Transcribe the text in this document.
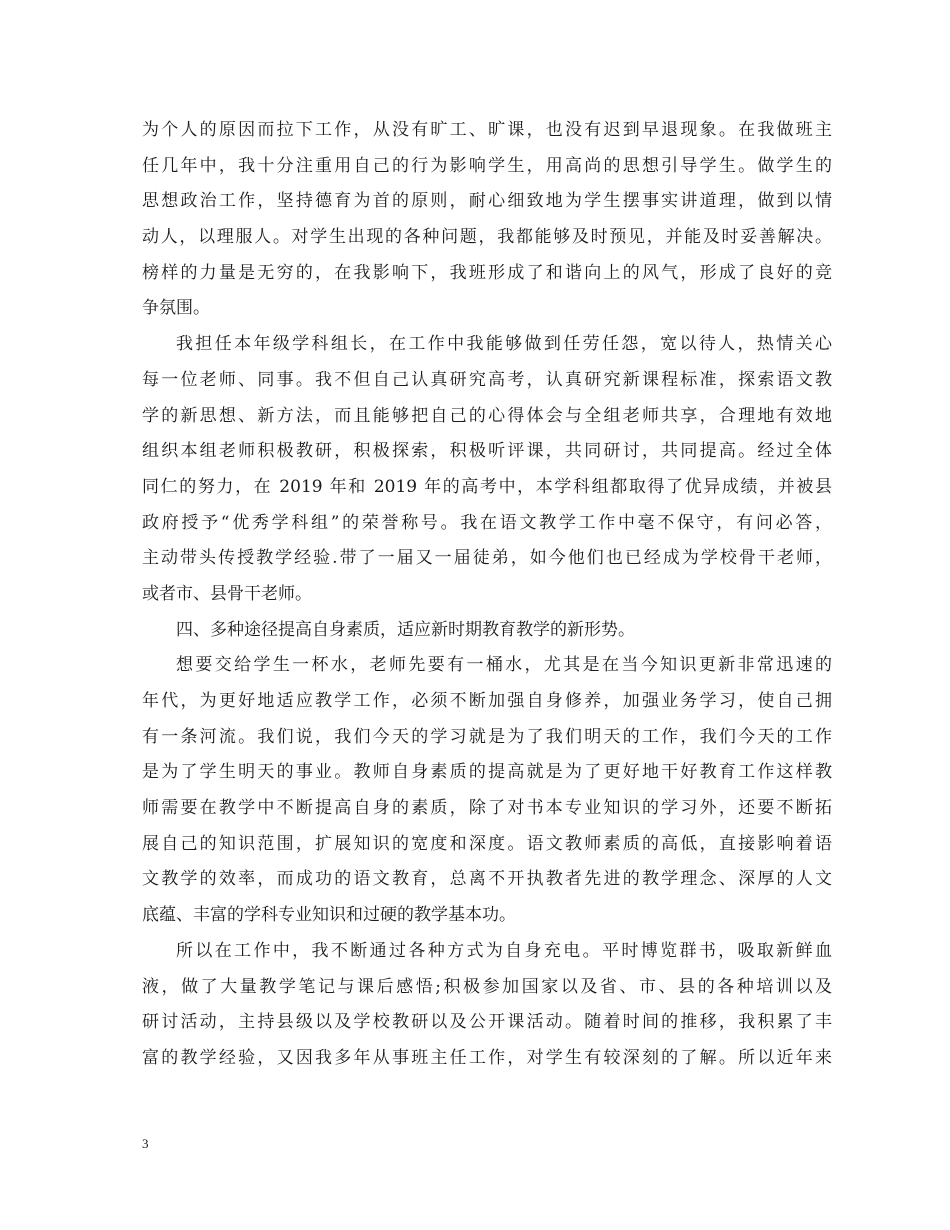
为个人的原因而拉下工作，从没有旷工、旷课，也没有迟到早退现象。在我做班主
任几年中，我十分注重用自己的行为影响学生，用高尚的思想引导学生。做学生的
思想政治工作，坚持德育为首的原则，耐心细致地为学生摆事实讲道理，做到以情
动人，以理服人。对学生出现的各种问题，我都能够及时预见，并能及时妥善解决。
榜样的力量是无穷的，在我影响下，我班形成了和谐向上的风气，形成了良好的竞
争氛围。
我担任本年级学科组长，在工作中我能够做到任劳任怨，宽以待人，热情关心
每一位老师、同事。我不但自己认真研究高考，认真研究新课程标准，探索语文教
学的新思想、新方法，而且能够把自己的心得体会与全组老师共享，合理地有效地
组织本组老师积极教研，积极探索，积极听评课，共同研讨，共同提高。经过全体
同仁的努力，在 2019 年和 2019 年的高考中，本学科组都取得了优异成绩，并被县
政府授予“优秀学科组”的荣誉称号。我在语文教学工作中毫不保守，有问必答，
主动带头传授教学经验.带了一届又一届徒弟，如今他们也已经成为学校骨干老师，
或者市、县骨干老师。
四、多种途径提高自身素质，适应新时期教育教学的新形势。
想要交给学生一杯水，老师先要有一桶水，尤其是在当今知识更新非常迅速的
年代，为更好地适应教学工作，必须不断加强自身修养，加强业务学习，使自己拥
有一条河流。我们说，我们今天的学习就是为了我们明天的工作，我们今天的工作
是为了学生明天的事业。教师自身素质的提高就是为了更好地干好教育工作这样教
师需要在教学中不断提高自身的素质，除了对书本专业知识的学习外，还要不断拓
展自己的知识范围，扩展知识的宽度和深度。语文教师素质的高低，直接影响着语
文教学的效率，而成功的语文教育，总离不开执教者先进的教学理念、深厚的人文
底蕴、丰富的学科专业知识和过硬的教学基本功。
所以在工作中，我不断通过各种方式为自身充电。平时博览群书，吸取新鲜血
液，做了大量教学笔记与课后感悟;积极参加国家以及省、市、县的各种培训以及
研讨活动，主持县级以及学校教研以及公开课活动。随着时间的推移，我积累了丰
富的教学经验，又因我多年从事班主任工作，对学生有较深刻的了解。所以近年来
3
